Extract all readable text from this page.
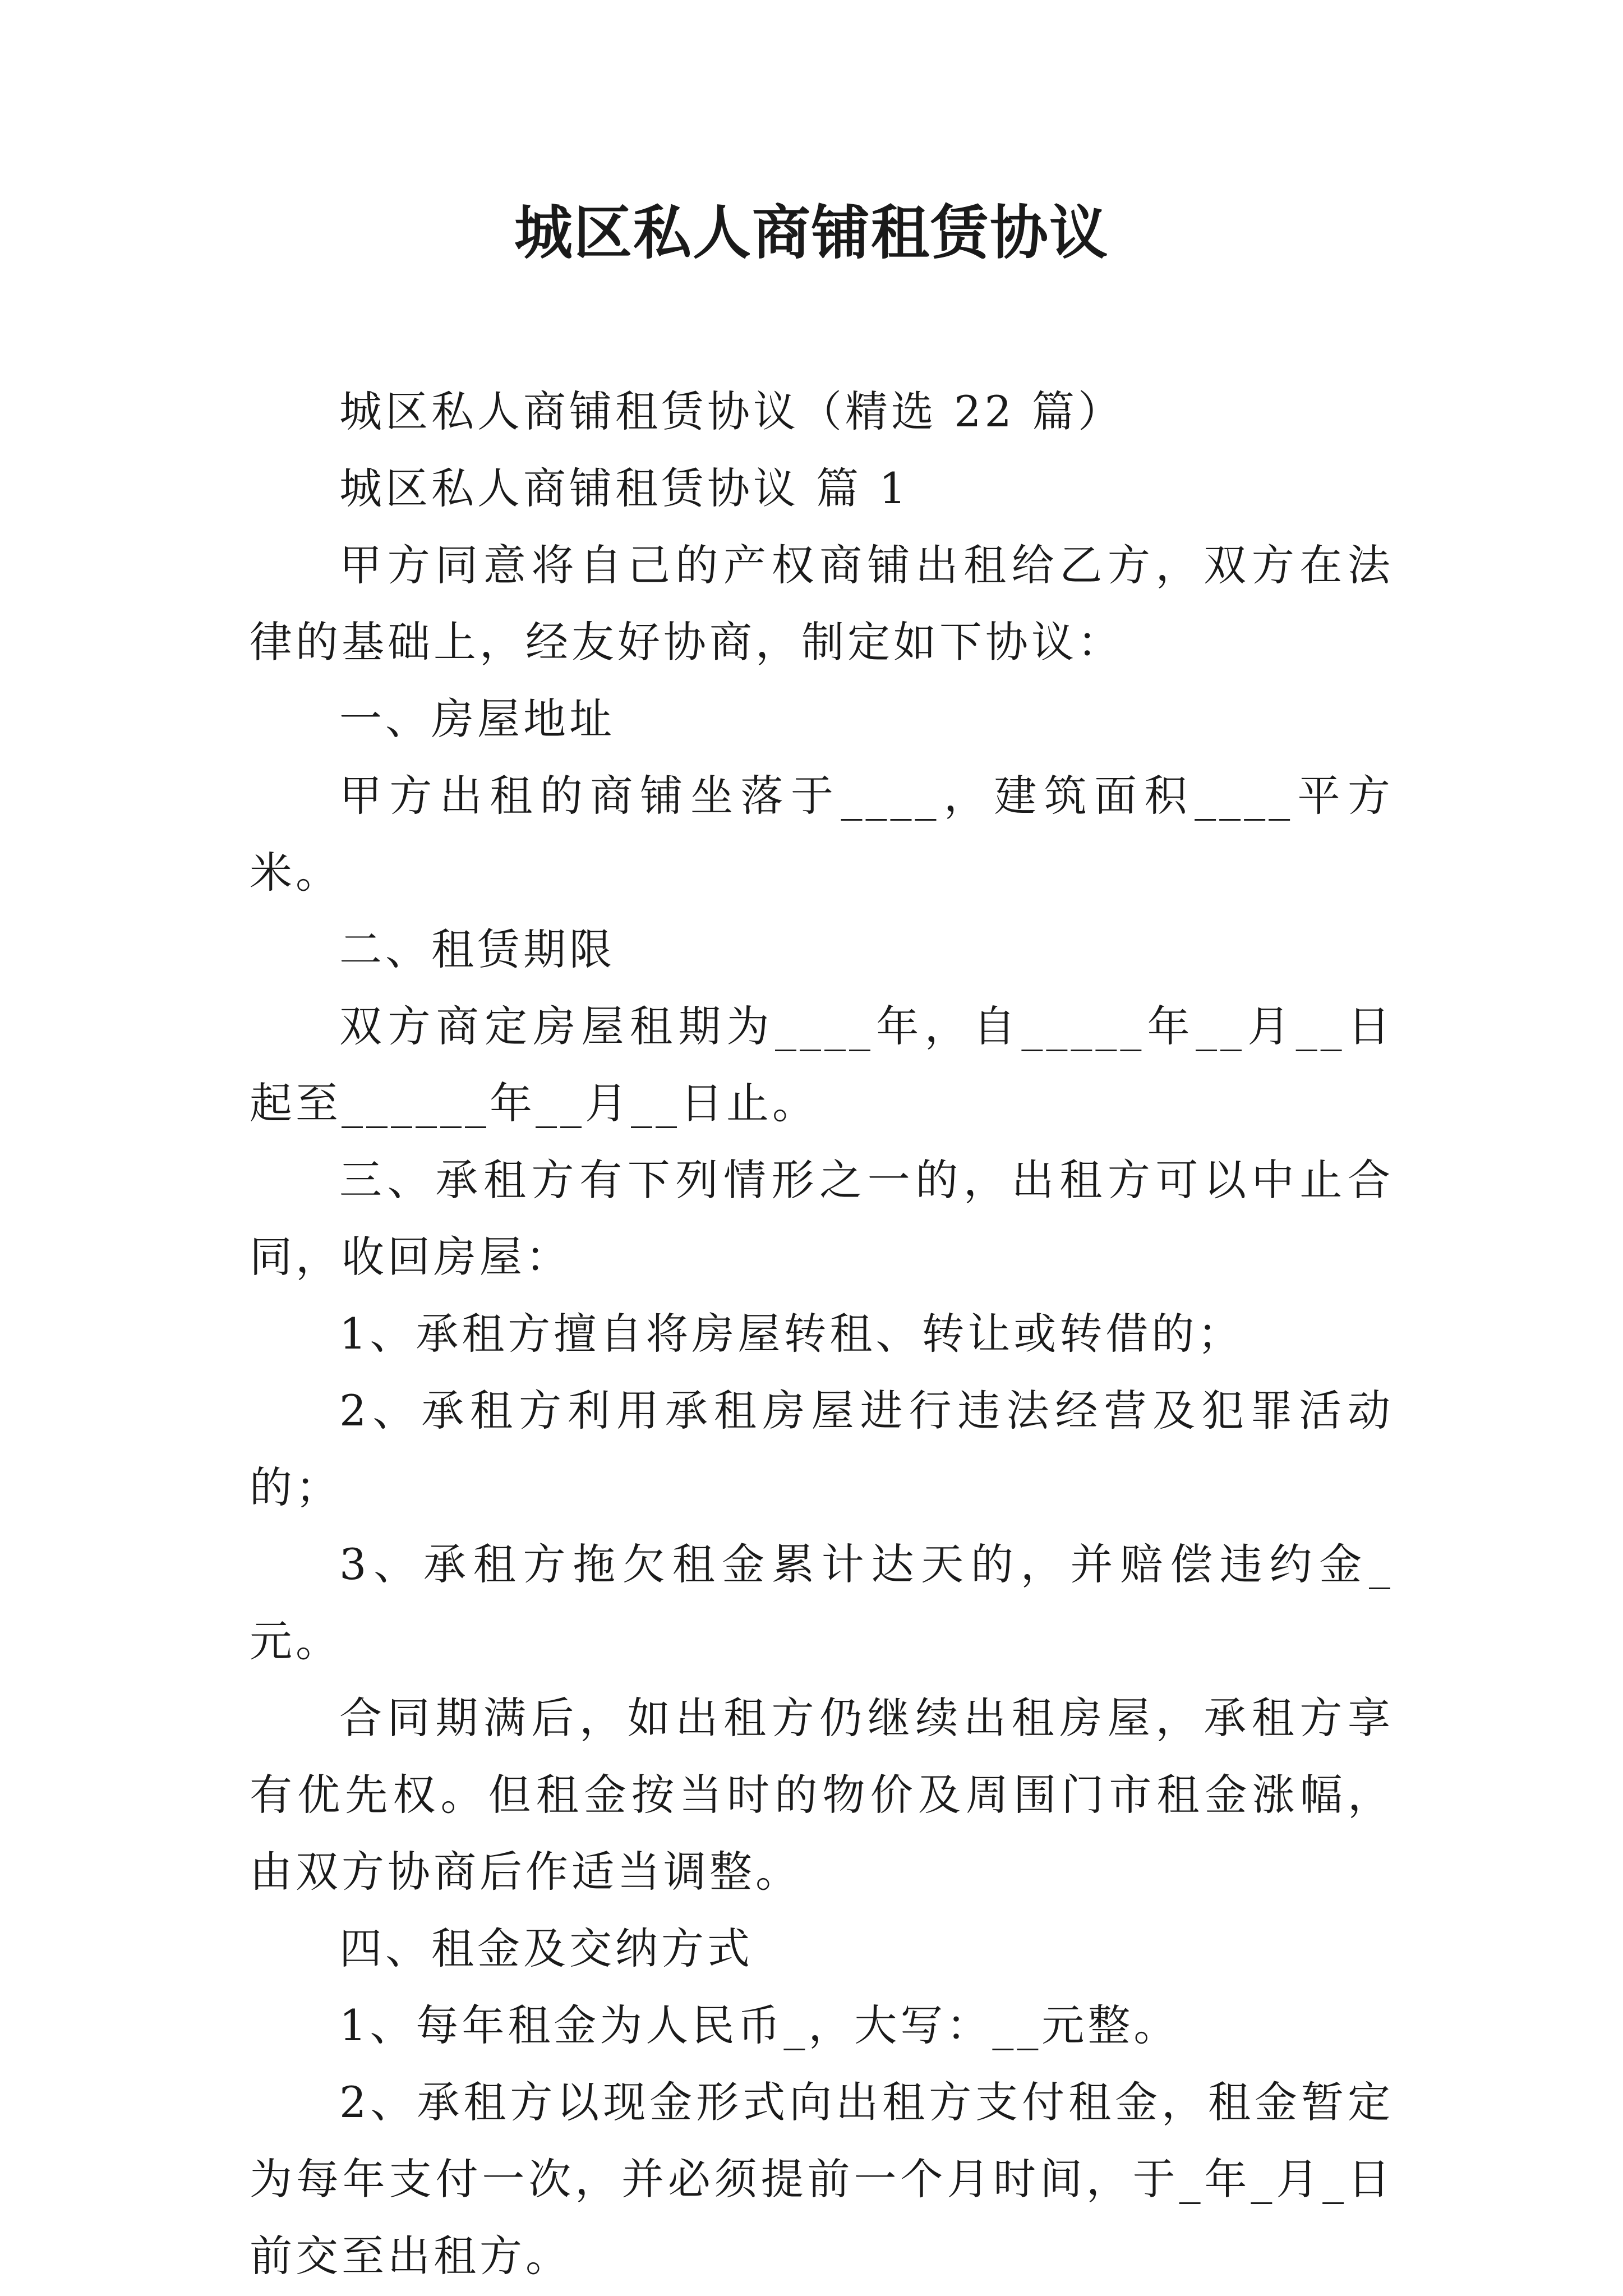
城区私人商铺租赁协议

城区私人商铺租赁协议（精选 22 篇）

城区私人商铺租赁协议 篇 1

甲方同意将自己的产权商铺出租给乙方，双方在法律的基础上，经友好协商，制定如下协议：

一、房屋地址

甲方出租的商铺坐落于____，建筑面积____平方米。

二、租赁期限

双方商定房屋租期为____年，自_____年__月__日起至______年__月__日止。

三、承租方有下列情形之一的，出租方可以中止合同，收回房屋：

1、承租方擅自将房屋转租、转让或转借的；

2、承租方利用承租房屋进行违法经营及犯罪活动的；

3、承租方拖欠租金累计达天的，并赔偿违约金_元。

合同期满后，如出租方仍继续出租房屋，承租方享有优先权。但租金按当时的物价及周围门市租金涨幅，由双方协商后作适当调整。

四、租金及交纳方式

1、每年租金为人民币_，大写：__元整。

2、承租方以现金形式向出租方支付租金，租金暂定为每年支付一次，并必须提前一个月时间，于_年_月_日前交至出租方。
